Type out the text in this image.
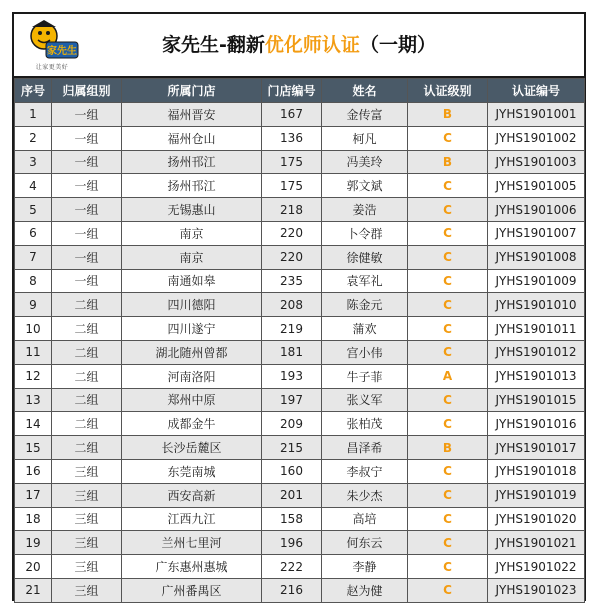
家先生
让家更美好
家先生-翻新优化师认证（一期）
序号	归属组别	所属门店	门店编号	姓名	认证级别	认证编号
1	一组	福州晋安	167	金传富	B	JYHS1901001
2	一组	福州仓山	136	柯凡	C	JYHS1901002
3	一组	扬州邗江	175	冯美玲	B	JYHS1901003
4	一组	扬州邗江	175	郭文斌	C	JYHS1901005
5	一组	无锡惠山	218	姜浩	C	JYHS1901006
6	一组	南京	220	卜令群	C	JYHS1901007
7	一组	南京	220	徐健敏	C	JYHS1901008
8	一组	南通如皋	235	袁军礼	C	JYHS1901009
9	二组	四川德阳	208	陈金元	C	JYHS1901010
10	二组	四川遂宁	219	蒲欢	C	JYHS1901011
11	二组	湖北随州曾都	181	宫小伟	C	JYHS1901012
12	二组	河南洛阳	193	牛子菲	A	JYHS1901013
13	二组	郑州中原	197	张义军	C	JYHS1901015
14	二组	成都金牛	209	张柏茂	C	JYHS1901016
15	二组	长沙岳麓区	215	昌泽希	B	JYHS1901017
16	三组	东莞南城	160	李叔宁	C	JYHS1901018
17	三组	西安高新	201	朱少杰	C	JYHS1901019
18	三组	江西九江	158	高培	C	JYHS1901020
19	三组	兰州七里河	196	何东云	C	JYHS1901021
20	三组	广东惠州惠城	222	李静	C	JYHS1901022
21	三组	广州番禺区	216	赵为健	C	JYHS1901023
